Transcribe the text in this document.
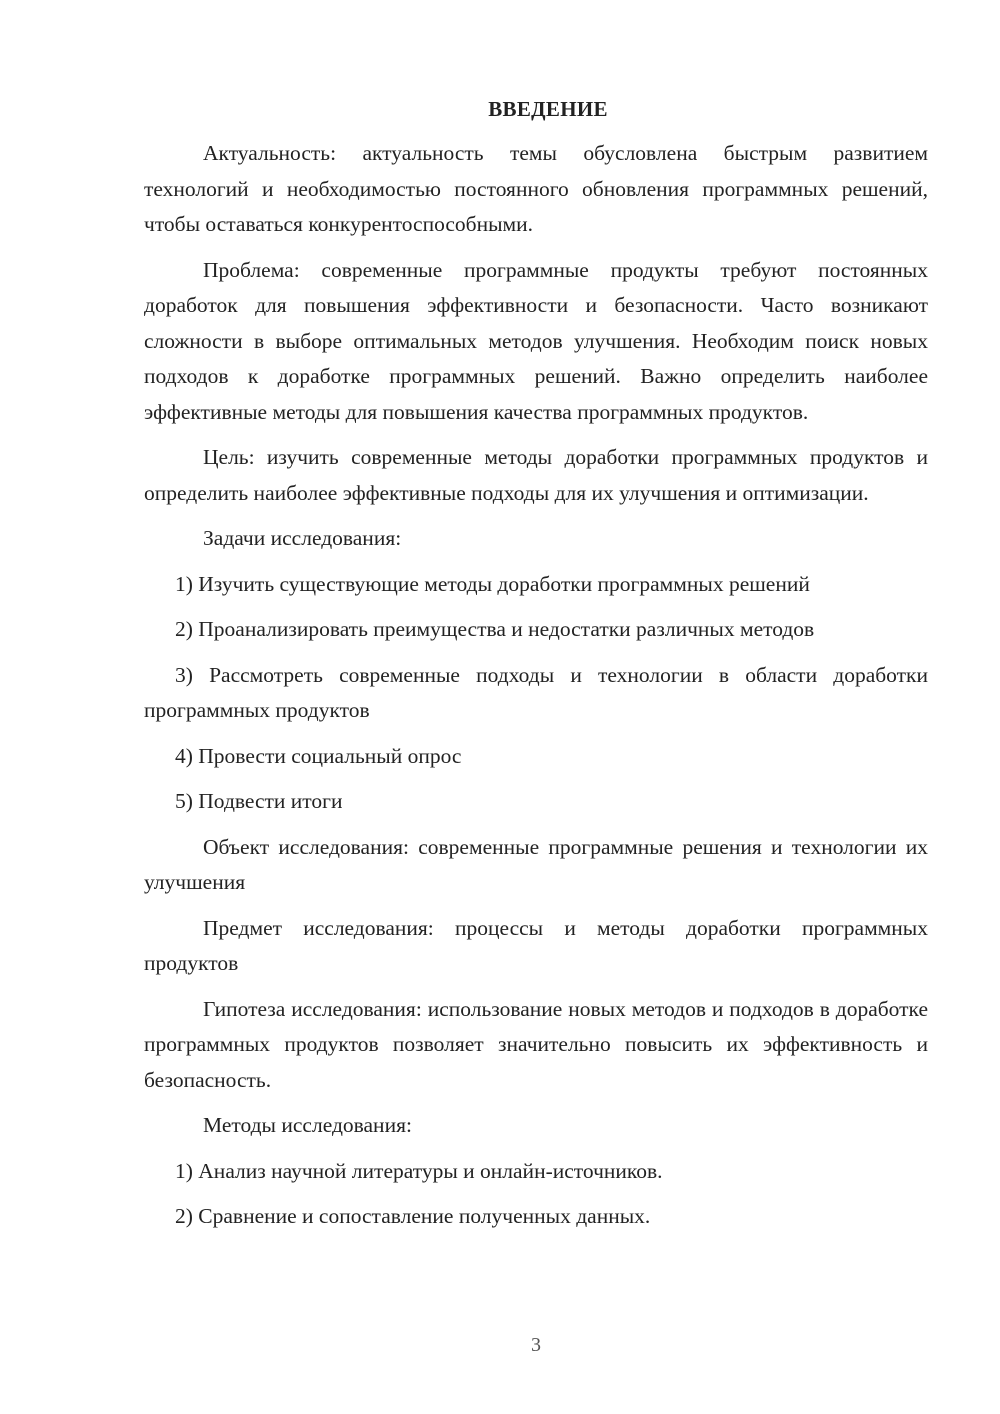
ВВЕДЕНИЕ

Актуальность: актуальность темы обусловлена быстрым развитием технологий и необходимостью постоянного обновления программных решений, чтобы оставаться конкурентоспособными.

Проблема: современные программные продукты требуют постоянных доработок для повышения эффективности и безопасности. Часто возникают сложности в выборе оптимальных методов улучшения. Необходим поиск новых подходов к доработке программных решений. Важно определить наиболее эффективные методы для повышения качества программных продуктов.

Цель: изучить современные методы доработки программных продуктов и определить наиболее эффективные подходы для их улучшения и оптимизации.

Задачи исследования:

1) Изучить существующие методы доработки программных решений

2) Проанализировать преимущества и недостатки различных методов

3) Рассмотреть современные подходы и технологии в области доработки программных продуктов

4) Провести социальный опрос

5) Подвести итоги

Объект исследования: современные программные решения и технологии их улучшения

Предмет исследования: процессы и методы доработки программных продуктов

Гипотеза исследования: использование новых методов и подходов в доработке программных продуктов позволяет значительно повысить их эффективность и безопасность.

Методы исследования:

1) Анализ научной литературы и онлайн-источников.

2) Сравнение и сопоставление полученных данных.

3
